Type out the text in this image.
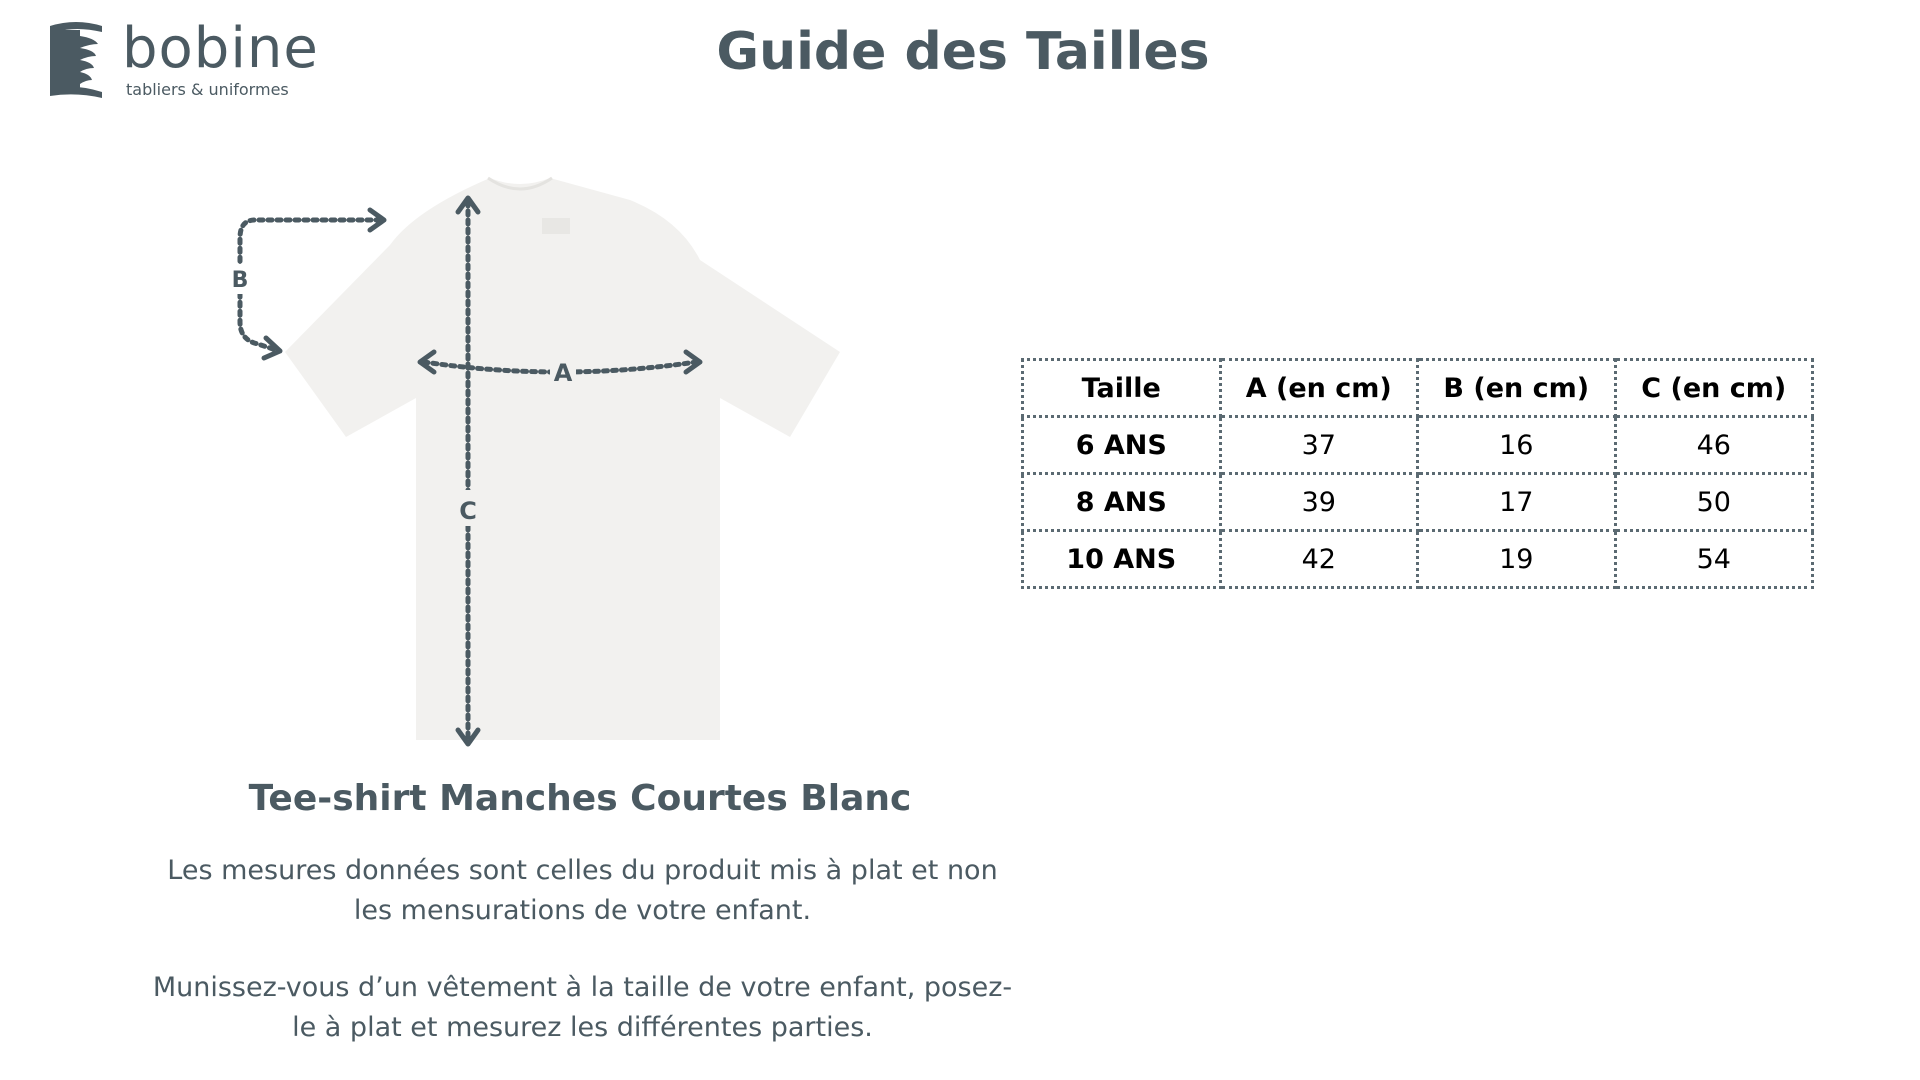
bobine
tabliers & uniformes
Guide des Tailles
C
A
B
Tee-shirt Manches Courtes Blanc
Les mesures données sont celles du produit mis à plat et non les mensurations de votre enfant.
Munissez-vous d’un vêtement à la taille de votre enfant, posez-le à plat et mesurez les différentes parties.
Taille	A (en cm)	B (en cm)	C (en cm)
6 ANS	37	16	46
8 ANS	39	17	50
10 ANS	42	19	54
